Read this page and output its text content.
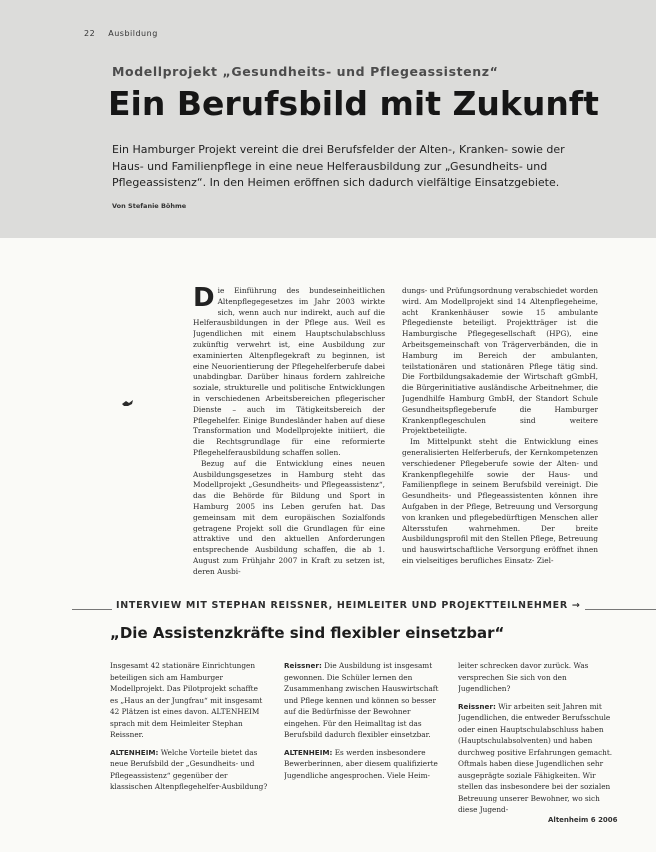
22 Ausbildung
Modellprojekt „Gesundheits- und Pflegeassistenz“
Ein Berufsbild mit Zukunft
Ein Hamburger Projekt vereint die drei Berufsfelder der Alten-, Kranken- sowie der Haus- und Familienpflege in eine neue Helferausbildung zur „Gesundheits- und Pflegeassistenz“. In den Heimen eröffnen sich dadurch vielfältige Einsatzgebiete.
Von Stefanie Böhme

Die Einführung des bundeseinheitlichen Altenpflegegesetzes im Jahr 2003 wirkte sich, wenn auch nur indirekt, auch auf die Helferausbildungen in der Pflege aus. Weil es Jugendlichen mit einem Hauptschulabschluss zukünftig verwehrt ist, eine Ausbildung zur examinierten Altenpflegekraft zu beginnen, ist eine Neuorientierung der Pflegehelferberufe dabei unabdingbar. Darüber hinaus fordern zahlreiche soziale, strukturelle und politische Entwicklungen in verschiedenen Arbeitsbereichen pflegerischer Dienste – auch im Tätigkeitsbereich der Pflegehelfer. Einige Bundesländer haben auf diese Transformation und Modellprojekte initiiert, die die Rechtsgrundlage für eine reformierte Pflegehelferausbildung schaffen sollen.

Bezug auf die Entwicklung eines neuen Ausbildungsgesetzes in Hamburg steht das Modellprojekt „Gesundheits- und Pflegeassistenz“, das die Behörde für Bildung und Sport in Hamburg 2005 ins Leben gerufen hat. Das gemeinsam mit dem europäischen Sozialfonds getragene Projekt soll die Grundlagen für eine attraktive und den aktuellen Anforderungen entsprechende Ausbildung schaffen, die ab 1. August zum Frühjahr 2007 in Kraft zu setzen ist, deren Ausbi-

dungs- und Prüfungsordnung verabschiedet worden wird. Am Modellprojekt sind 14 Altenpflegeheime, acht Krankenhäuser sowie 15 ambulante Pflegedienste beteiligt. Projektträger ist die Hamburgische Pflegegesellschaft (HPG), eine Arbeitsgemeinschaft von Trägerverbänden, die in Hamburg im Bereich der ambulanten, teilstationären und stationären Pflege tätig sind. Die Fortbildungsakademie der Wirtschaft gGmbH, die Bürgerinitiative ausländische Arbeitnehmer, die Jugendhilfe Hamburg GmbH, der Standort Schule Gesundheitspflegeberufe die Hamburger Krankenpflegeschulen sind weitere Projektbeteiligte.

Im Mittelpunkt steht die Entwicklung eines generalisierten Helferberufs, der Kernkompetenzen verschiedener Pflegeberufe sowie der Alten- und Krankenpflegehilfe sowie der Haus- und Familienpflege in seinem Berufsbild vereinigt. Die Gesundheits- und Pflegeassistenten können ihre Aufgaben in der Pflege, Betreuung und Versorgung von kranken und pflegebedürftigen Menschen aller Altersstufen wahrnehmen. Der breite Ausbildungsprofil mit den Stellen Pflege, Betreuung und hauswirtschaftliche Versorgung eröffnet ihnen ein vielseitiges berufliches Einsatz- Ziel-

INTERVIEW MIT STEPHAN REISSNER, HEIMLEITER UND PROJEKTTEILNEHMER →
„Die Assistenzkräfte sind flexibler einsetzbar“

Insgesamt 42 stationäre Einrichtungen beteiligen sich am Hamburger Modellprojekt. Das Pilotprojekt schaffte es „Haus an der Jungfrau“ mit insgesamt 42 Plätzen ist eines davon. ALTENHEIM sprach mit dem Heimleiter Stephan Reissner.

ALTENHEIM: Welche Vorteile bietet das neue Berufsbild der „Gesundheits- und Pflegeassistenz“ gegenüber der klassischen Altenpflegehelfer-Ausbildung?

Reissner: Die Ausbildung ist insgesamt gewonnen. Die Schüler lernen den Zusammenhang zwischen Hauswirtschaft und Pflege kennen und können so besser auf die Bedürfnisse der Bewohner eingehen. Für den Heimalltag ist das Berufsbild dadurch flexibler einsetzbar.

ALTENHEIM: Es werden insbesondere Bewerberinnen, aber diesem qualifizierte Jugendliche angesprochen. Viele Heim-

leiter schrecken davor zurück. Was versprechen Sie sich von den Jugendlichen?

Reissner: Wir arbeiten seit Jahren mit Jugendlichen, die entweder Berufsschule oder einen Hauptschulabschluss haben (Hauptschulabsolventen) und haben durchweg positive Erfahrungen gemacht. Oftmals haben diese Jugendlichen sehr ausgeprägte soziale Fähigkeiten. Wir stellen das insbesondere bei der sozialen Betreuung unserer Bewohner, wo sich diese Jugend-

Altenheim 6 2006
